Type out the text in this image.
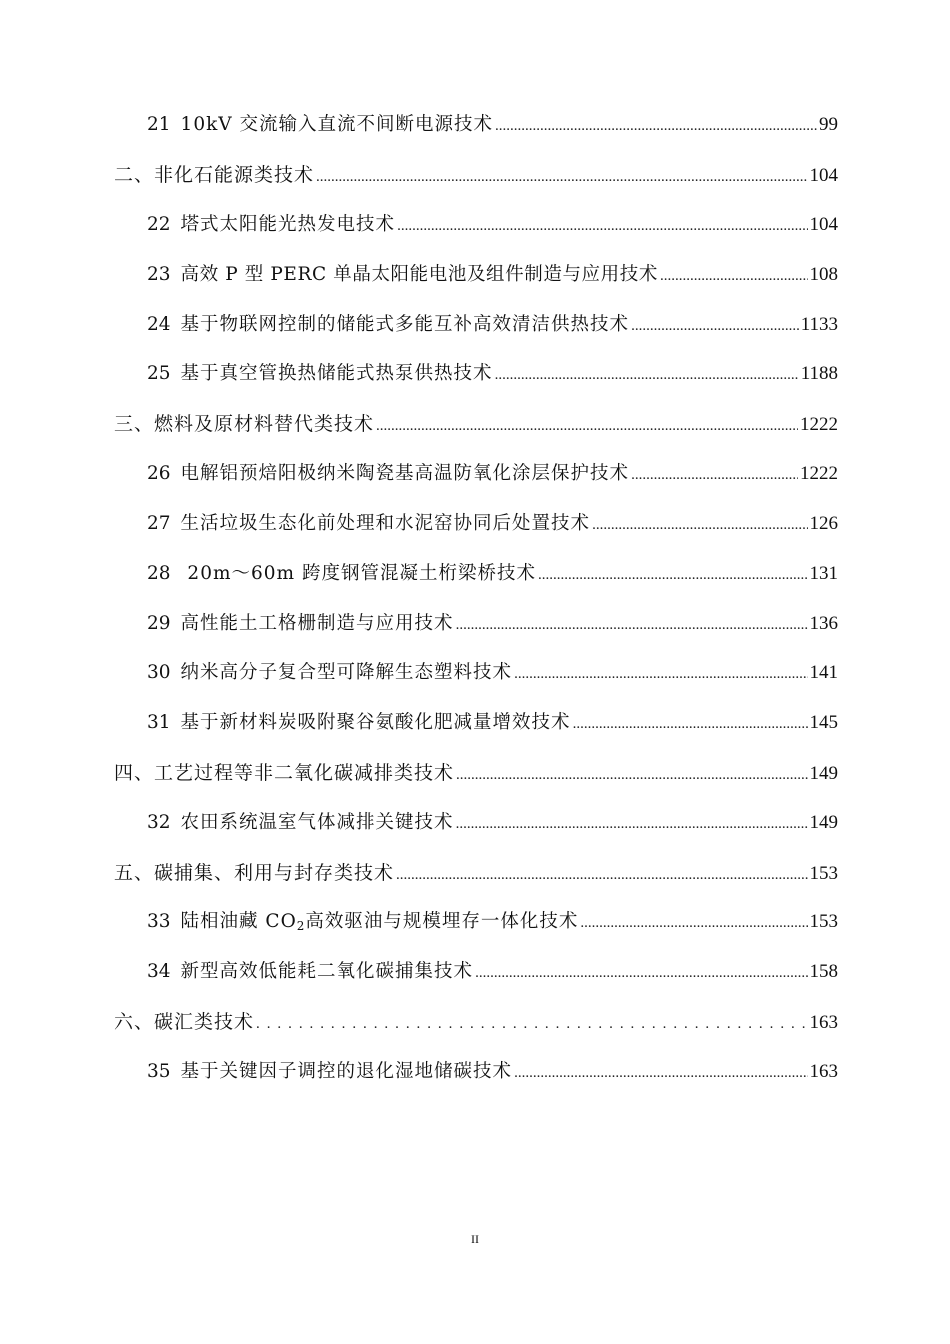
21 10kV 交流输入直流不间断电源技术 .....	99
二、非化石能源类技术 .....	104
22 塔式太阳能光热发电技术 .....	104
23 高效 P 型 PERC 单晶太阳能电池及组件制造与应用技术 .....	108
24 基于物联网控制的储能式多能互补高效清洁供热技术 .....	1133
25 基于真空管换热储能式热泵供热技术 .....	1188
三、燃料及原材料替代类技术 .....	1222
26 电解铝预焙阳极纳米陶瓷基高温防氧化涂层保护技术 .....	1222
27 生活垃圾生态化前处理和水泥窑协同后处置技术 .....	126
28 20m～60m 跨度钢管混凝土桁梁桥技术 .....	131
29 高性能土工格栅制造与应用技术 .....	136
30 纳米高分子复合型可降解生态塑料技术 .....	141
31 基于新材料炭吸附聚谷氨酸化肥减量增效技术 .....	145
四、工艺过程等非二氧化碳减排类技术 .....	149
32 农田系统温室气体减排关键技术 .....	149
五、碳捕集、利用与封存类技术 .....	153
33 陆相油藏 $CO_2$高效驱油与规模埋存一体化技术 .....	153
34 新型高效低能耗二氧化碳捕集技术 .....	158
六、碳汇类技术 . . .	163
35 基于关键因子调控的退化湿地储碳技术 .....	163
II
